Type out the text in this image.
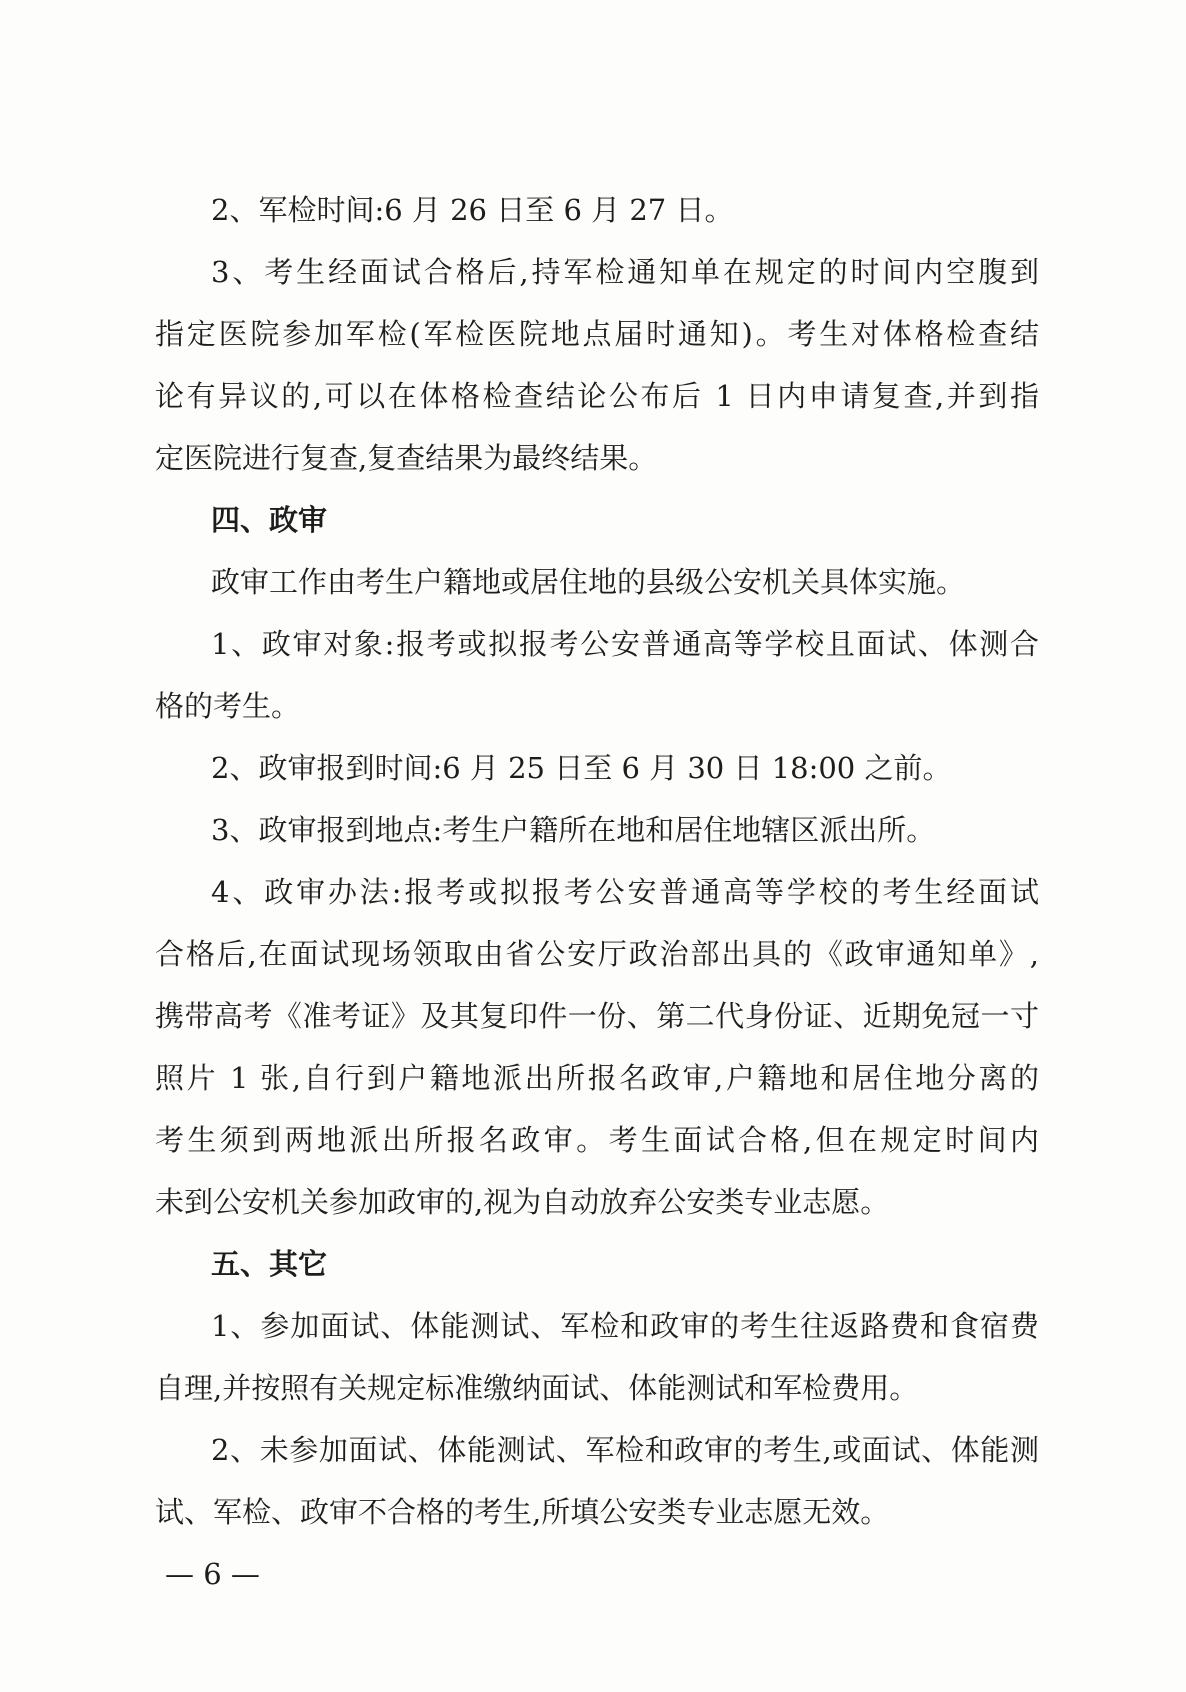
2、军检时间:6 月 26 日至 6 月 27 日。
3、考生经面试合格后,持军检通知单在规定的时间内空腹到
指定医院参加军检(军检医院地点届时通知)。考生对体格检查结
论有异议的,可以在体格检查结论公布后 1 日内申请复查,并到指
定医院进行复查,复查结果为最终结果。
四、政审
政审工作由考生户籍地或居住地的县级公安机关具体实施。
1、政审对象:报考或拟报考公安普通高等学校且面试、体测合
格的考生。
2、政审报到时间:6 月 25 日至 6 月 30 日 18:00 之前。
3、政审报到地点:考生户籍所在地和居住地辖区派出所。
4、政审办法:报考或拟报考公安普通高等学校的考生经面试
合格后,在面试现场领取由省公安厅政治部出具的《政审通知单》,
携带高考《准考证》及其复印件一份、第二代身份证、近期免冠一寸
照片 1 张,自行到户籍地派出所报名政审,户籍地和居住地分离的
考生须到两地派出所报名政审。考生面试合格,但在规定时间内
未到公安机关参加政审的,视为自动放弃公安类专业志愿。
五、其它
1、参加面试、体能测试、军检和政审的考生往返路费和食宿费
自理,并按照有关规定标准缴纳面试、体能测试和军检费用。
2、未参加面试、体能测试、军检和政审的考生,或面试、体能测
试、军检、政审不合格的考生,所填公安类专业志愿无效。
— 6 —
